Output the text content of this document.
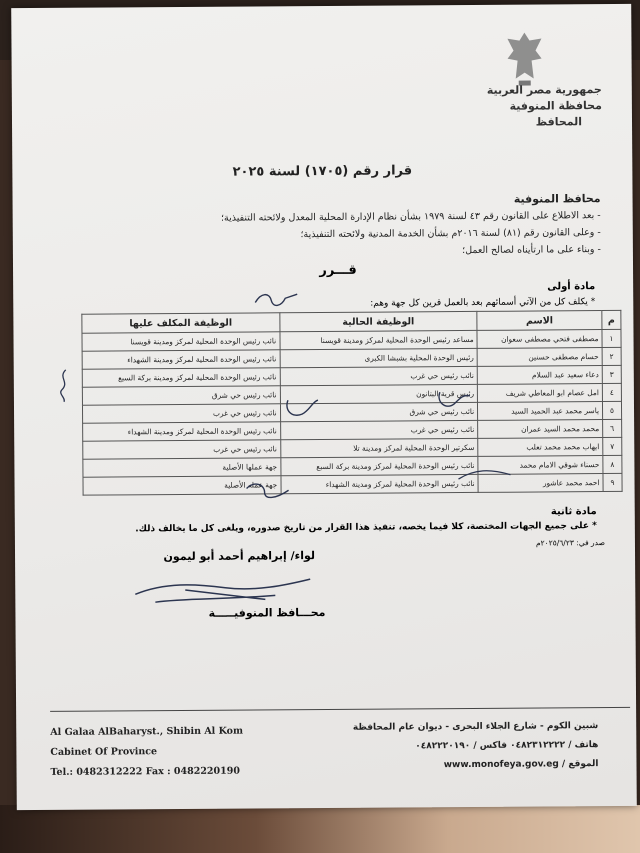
جمهورية مصر العربية
محافظة المنوفية
المحافظ
قرار رقم (١٧٠٥) لسنة ٢٠٢٥
محافظ المنوفية
- بعد الاطلاع على القانون رقم ٤٣ لسنة ١٩٧٩ بشأن نظام الإدارة المحلية المعدل ولائحته التنفيذية؛
- وعلى القانون رقم (٨١) لسنة ٢٠١٦م بشأن الخدمة المدنية ولائحته التنفيذية؛
- وبناء على ما ارتأيناه لصالح العمل؛
قـــرر
مادة أولى
* يكلف كل من الآتي أسمائهم بعد بالعمل قرين كل جهة وهم:
م	الاسم	الوظيفة الحالية	الوظيفة المكلف عليها
١	مصطفى فتحي مصطفى سعوان	مساعد رئيس الوحدة المحلية لمركز ومدينة قويسنا	نائب رئيس الوحدة المحلية لمركز ومدينة قويسنا
٢	حسام مصطفى حسنين	رئيس الوحدة المحلية بشبشا الكبرى	نائب رئيس الوحدة المحلية لمركز ومدينة الشهداء
٣	دعاء سعيد عبد السلام	نائب رئيس حي غرب	نائب رئيس الوحدة المحلية لمركز ومدينة بركة السبع
٤	امل عصام ابو المعاطي شريف	رئيس قرية البتانون	نائب رئيس حي شرق
٥	ياسر محمد عبد الحميد السيد	نائب رئيس حي شرق	نائب رئيس حي غرب
٦	محمد محمد السيد عمران	نائب رئيس حي غرب	نائب رئيس الوحدة المحلية لمركز ومدينة الشهداء
٧	ايهاب محمد محمد تعلب	سكرتير الوحدة المحلية لمركز ومدينة تلا	نائب رئيس حي غرب
٨	حسناء شوقي الامام محمد	نائب رئيس الوحدة المحلية لمركز ومدينة بركة السبع	جهة عملها الأصلية
٩	احمد محمد عاشور	نائب رئيس الوحدة المحلية لمركز ومدينة الشهداء	جهة عمله الأصلية
مادة ثانية
* على جميع الجهات المختصة، كلا فيما يخصه، تنفيذ هذا القرار من تاريخ صدوره، ويلغى كل ما يخالف ذلك.
صدر في: ٢٠٢٥/٦/٢٣م
لواء/ إبراهيم أحمد أبو ليمون
محـــافظ المنوفيـــــة
Al Galaa AlBaharyst., Shibin Al Kom
Cabinet Of Province
Tel.: 0482312222 Fax : 0482220190
شبين الكوم - شارع الجلاء البحرى - ديوان عام المحافظة
هاتف / ٠٤٨٢٣١٢٢٢٢ فاكس / ٠٤٨٢٢٢٠١٩٠
الموقع / www.monofeya.gov.eg
